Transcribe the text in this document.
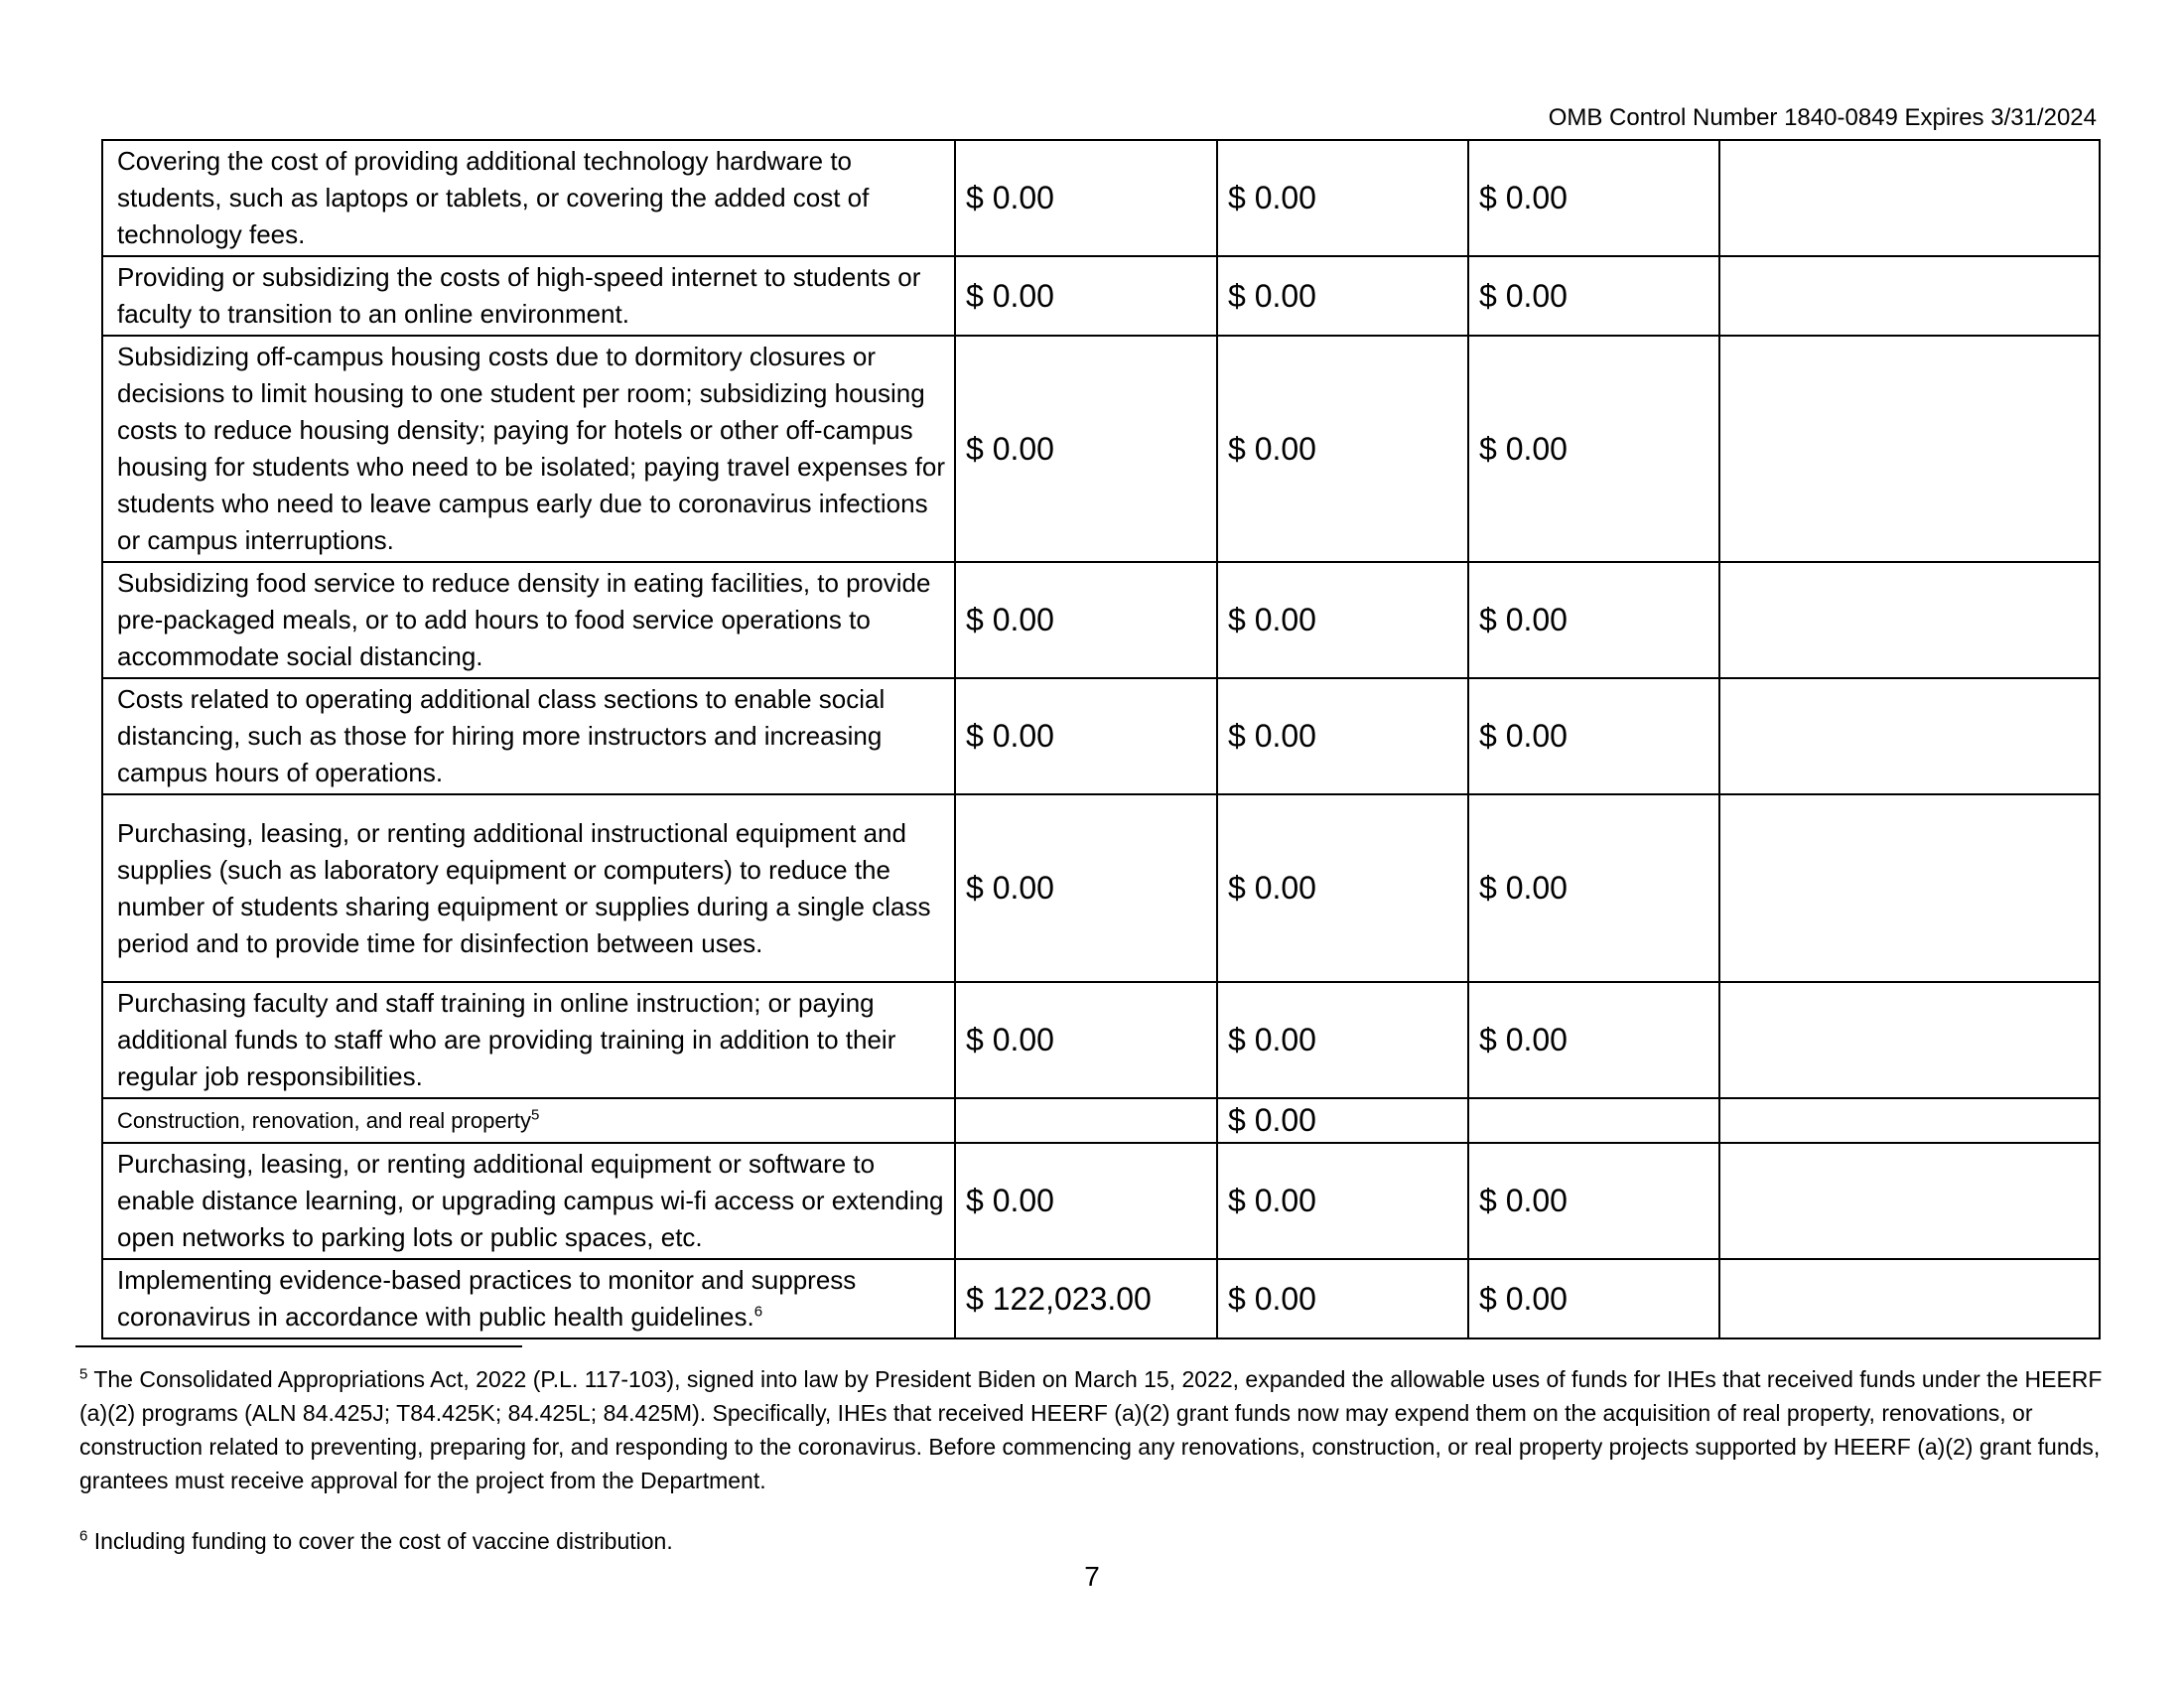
OMB Control Number 1840-0849 Expires 3/31/2024
Covering the cost of providing additional technology hardware to students, such as laptops or tablets, or covering the added cost of technology fees.	$ 0.00	$ 0.00	$ 0.00	
Providing or subsidizing the costs of high-speed internet to students or faculty to transition to an online environment.	$ 0.00	$ 0.00	$ 0.00	
Subsidizing off-campus housing costs due to dormitory closures or decisions to limit housing to one student per room; subsidizing housing costs to reduce housing density; paying for hotels or other off-campus housing for students who need to be isolated; paying travel expenses for students who need to leave campus early due to coronavirus infections or campus interruptions.	$ 0.00	$ 0.00	$ 0.00	
Subsidizing food service to reduce density in eating facilities, to provide pre-packaged meals, or to add hours to food service operations to accommodate social distancing.	$ 0.00	$ 0.00	$ 0.00	
Costs related to operating additional class sections to enable social distancing, such as those for hiring more instructors and increasing campus hours of operations.	$ 0.00	$ 0.00	$ 0.00	
Purchasing, leasing, or renting additional instructional equipment and supplies (such as laboratory equipment or computers) to reduce the number of students sharing equipment or supplies during a single class period and to provide time for disinfection between uses.	$ 0.00	$ 0.00	$ 0.00	
Purchasing faculty and staff training in online instruction; or paying additional funds to staff who are providing training in addition to their regular job responsibilities.	$ 0.00	$ 0.00	$ 0.00	
Construction, renovation, and real property$^5$		$ 0.00		
Purchasing, leasing, or renting additional equipment or software to enable distance learning, or upgrading campus wi-fi access or extending open networks to parking lots or public spaces, etc.	$ 0.00	$ 0.00	$ 0.00	
Implementing evidence-based practices to monitor and suppress coronavirus in accordance with public health guidelines.$^6$	$ 122,023.00	$ 0.00	$ 0.00	
$^5$ The Consolidated Appropriations Act, 2022 (P.L. 117-103), signed into law by President Biden on March 15, 2022, expanded the allowable uses of funds for IHEs that received funds under the HEERF (a)(2) programs (ALN 84.425J; T84.425K; 84.425L; 84.425M). Specifically, IHEs that received HEERF (a)(2) grant funds now may expend them on the acquisition of real property, renovations, or construction related to preventing, preparing for, and responding to the coronavirus. Before commencing any renovations, construction, or real property projects supported by HEERF (a)(2) grant funds, grantees must receive approval for the project from the Department.
$^6$ Including funding to cover the cost of vaccine distribution.
7
